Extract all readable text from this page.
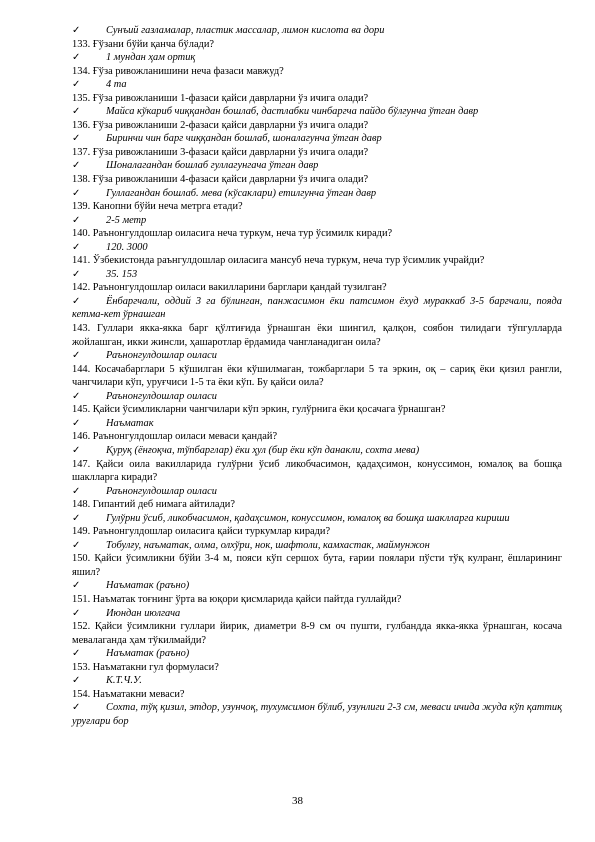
✓	Сунъий газламалар, пластик массалар, лимон кислота ва дори
133. Ғўзани бўйи қанча бўлади?
✓	1 мундан ҳам ортиқ
134. Ғўза ривожланишини неча фазаси мавжуд?
✓	4 та
135. Ғўза ривожланиши 1-фазаси қайси даврларни ўз ичига олади?
✓	Майса кўкариб чиққандан бошлаб, дастлабки чинбаргча пайдо бўлгунча ўтган давр
136. Ғўза ривожланиши 2-фазаси қайси даврларни ўз ичига олади?
✓	Биринчи чин барг чиққандан бошлаб, шоналагунча ўтган давр
137. Ғўза ривожланиши 3-фазаси қайси даврларни ўз ичига олади?
✓	Шоналагандан бошлаб гуллагунгача ўтган давр
138. Ғўза ривожланиши 4-фазаси қайси даврларни ўз ичига олади?
✓	Гуллагандан бошлаб. мева (кўсаклари) етилгунча ўтган давр
139. Канопни бўйи неча метрга етади?
✓	2-5 метр
140. Раънонгулдошлар оиласига неча туркум, неча тур ўсимилк киради?
✓	120. 3000
141. Ўзбекистонда раънгулдошлар оиласига мансуб неча туркум, неча тур ўсимлик учрайди?
✓	35. 153
142. Раънонгулдошлар оиласи вакилларини барглари қандай тузилган?
✓ Ёнбаргчали, оддий 3 га бўлинган, панжасимон ёки патсимон ёхуд мураккаб 3-5 баргчали, пояда кетма-кет ўрнашган
143. Гуллари якка-якка барг қўлтиғида ўрнашган ёки шингил, қалқон, соябон тилидаги тўпгулларда жойлашган, икки жинсли, ҳашаротлар ёрдамида чангланадиган оила?
✓	Раънонгулдошлар оиласи
144. Косачабарглари 5 кўшилган ёки кўшилмаган, тожбарглари 5 та эркин, оқ – сариқ ёки қизил рангли, чангчилари кўп, уруғчиси 1-5 та ёки кўп. Бу қайси оила?
✓	Раънонгулдошлар оиласи
145. Қайси ўсимликларни чангчилари кўп эркин, гулўрнига ёки қосачага ўрнашган?
✓	Наъматак
146. Раънонгулдошлар оиласи меваси қандай?
✓	Қуруқ (ёнғоқча, тўпбарглар) ёки ҳул (бир ёки кўп данакли, сохта мева)
147. Қайси оила вакилларида гулўрни ўсиб ликобчасимон, қадаҳсимон, конуссимон, юмалоқ ва бошқа шаклларга киради?
✓	Раънонгулдошлар оиласи
148. Гипантий деб нимага айтилади?
✓ Гулўрни ўсиб, ликобчасимон, қадаҳсимон, конуссимон, юмалоқ ва бошқа шаклларга кириши
149. Раънонгулдошлар оиласига қайси туркумлар киради?
✓	Тобулғу, наъматак, олма, олхўри, нок, шафтоли, камхастак, маймунжон
150. Қайси ўсимликни бўйи 3-4 м, пояси кўп сершох бута, ғарии поялари пўсти тўқ кулранг, ёшларининг яшил?
✓	Наъматак (раъно)
151. Наъматак тоғнинг ўрта ва юқори қисмларида қайси пайтда гуллайди?
✓	Июндан июлгача
152. Қайси ўсимликни гуллари йирик, диаметри 8-9 см оч пушти, гулбандда якка-якка ўрнашган, косача мевалаганда ҳам тўкилмайди?
✓	Наъматак (раъно)
153. Наъматакни гул формуласи?
✓	К.Т.Ч.У.
154. Наъматакни меваси?
✓ Сохта, тўқ қизил, этдор, узунчоқ, тухумсимон бўлиб, узунлиги 2-3 см, меваси ичида жуда кўп қаттиқ уруғлари бор
38
